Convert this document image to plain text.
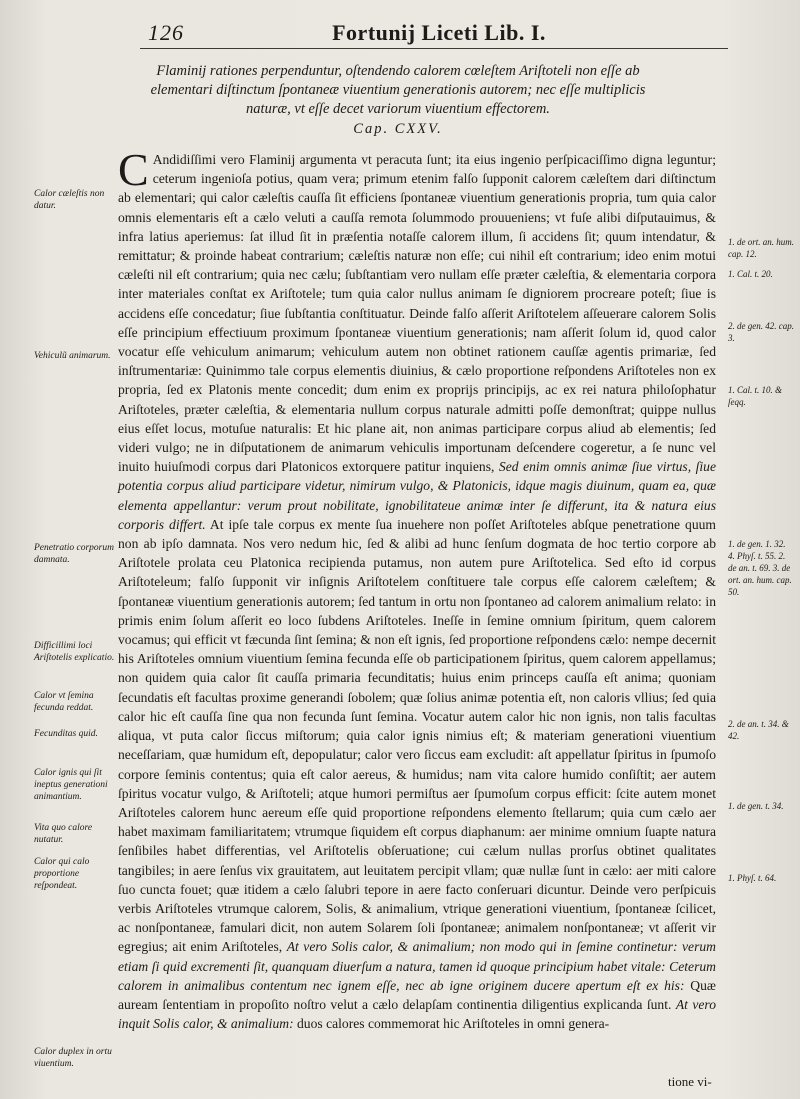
126	Fortunij Liceti Lib. I.
Flaminij rationes perpenduntur, oſtendendo calorem cœleſtem Ariſtoteli non eſſe ab elementari diſtinctum ſpontaneæ viuentium generationis autorem; nec eſſe multiplicis naturæ, vt eſſe decet variorum viuentium effectorem.
Cap. CXXV.

C Andidiſſimi vero Flaminij argumenta vt peracuta ſunt; ita eius ingenio perſpicaciſſimo digna leguntur; ceterum ingenioſa potius, quam vera; primum etenim falſo ſupponit calorem cæleſtem dari diſtinctum ab elementari; qui calor cæleſtis cauſſa ſit efficiens ſpontaneæ viuentium generationis propria, tum quia calor omnis elementaris eſt a cælo veluti a cauſſa remota ſolummodo prouueniens; vt fuſe alibi diſputauimus, & infra latius aperiemus: ſat illud ſit in præſentia notaſſe calorem illum, ſi accidens ſit; quum intendatur, & remittatur; & proinde habeat contrarium; cæleſtis naturæ non eſſe; cui nihil eſt contrarium; ideo enim motui cæleſti nil eſt contrarium; quia nec cælu; ſubſtantiam vero nullam eſſe præter cæleſtia, & elementaria corpora inter materiales conſtat ex Ariſtotele; tum quia calor nullus animam ſe digniorem procreare poteſt; ſiue is accidens eſſe concedatur; ſiue ſubſtantia conſtituatur. Deinde falſo aſſerit Ariſtotelem aſſeuerare calorem Solis eſſe principium effectiuum proximum ſpontaneæ viuentium generationis; nam aſſerit ſolum id, quod calor vocatur eſſe vehiculum animarum; vehiculum autem non obtinet rationem cauſſæ agentis primariæ, ſed inſtrumentariæ: Quinimmo tale corpus elementis diuinius, & cælo proportione reſpondens Ariſtoteles non ex propria, ſed ex Platonis mente concedit; dum enim ex proprijs principijs, ac ex rei natura philoſophatur Ariſtoteles, præter cæleſtia, & elementaria nullum corpus naturale admitti poſſe demonſtrat; quippe nullus eius eſſet locus, motuſue naturalis: Et hic plane ait, non animas participare corpus aliud ab elementis; ſed videri vulgo; ne in diſputationem de animarum vehiculis importunam deſcendere cogeretur, a ſe nunc vel inuito huiuſmodi corpus dari Platonicos extorquere patitur inquiens, Sed enim omnis animæ ſiue virtus, ſiue potentia corpus aliud participare videtur, nimirum vulgo, & Platonicis, idque magis diuinum, quam ea, quæ elementa appellantur: verum prout nobilitate, ignobilitateue animæ inter ſe differunt, ita & natura eius corporis differt. At ipſe tale corpus ex mente ſua inuehere non poſſet Ariſtoteles abſque penetratione quum non ab ipſo damnata. Nos vero nedum hic, ſed & alibi ad hunc ſenſum dogmata de hoc tertio corpore ab Ariſtotele prolata ceu Platonica recipienda putamus, non autem pure Ariſtotelica. Sed eſto id corpus Ariſtoteleum; falſo ſupponit vir inſignis Ariſtotelem conſtituere tale corpus eſſe calorem cæleſtem; & ſpontaneæ viuentium generationis autorem; ſed tantum in ortu non ſpontaneo ad calorem animalium relato: in primis enim ſolum aſſerit eo loco ſubdens Ariſtoteles. Ineſſe in ſemine omnium ſpiritum, quem calorem vocamus; qui efficit vt fæcunda ſint ſemina; & non eſt ignis, ſed proportione reſpondens cælo: nempe decernit his Ariſtoteles omnium viuentium ſemina fecunda eſſe ob participationem ſpiritus, quem calorem appellamus; non quidem quia calor ſit cauſſa primaria fecunditatis; huius enim princeps cauſſa eſt anima; quoniam ſecundatis eſt facultas proxime generandi ſobolem; quæ ſolius animæ potentia eſt, non caloris vllius; ſed quia calor hic eſt cauſſa ſine qua non fecunda ſunt ſemina. Vocatur autem calor hic non ignis, non talis facultas aliqua, vt puta calor ſiccus miſtorum; quia calor ignis nimius eſt; & materiam generationi viuentium neceſſariam, quæ humidum eſt, depopulatur; calor vero ſiccus eam excludit: aſt appellatur ſpiritus in ſpumoſo corpore ſeminis contentus; quia eſt calor aereus, & humidus; nam vita calore humido conſiſtit; aer autem ſpiritus vocatur vulgo, & Ariſtoteli; atque humori permiſtus aer ſpumoſum corpus efficit: ſcite autem monet Ariſtoteles calorem hunc aereum eſſe quid proportione reſpondens elemento ſtellarum; quia cum cælo aer habet maximam familiaritatem; vtrumque ſiquidem eſt corpus diaphanum: aer minime omnium ſuapte natura ſenſibiles habet differentias, vel Ariſtotelis obſeruatione; cui cælum nullas prorſus obtinet qualitates tangibiles; in aere ſenſus vix grauitatem, aut leuitatem percipit vllam; quæ nullæ ſunt in cælo: aer miti calore ſuo cuncta fouet; quæ itidem a cælo ſalubri tepore in aere facto conſeruari dicuntur. Deinde vero perſpicuis verbis Ariſtoteles vtrumque calorem, Solis, & animalium, vtrique generationi viuentium, ſpontaneæ ſcilicet, ac nonſpontaneæ, famulari dicit, non autem Solarem ſoli ſpontaneæ; animalem nonſpontaneæ; vt aſſerit vir egregius; ait enim Ariſtoteles, At vero Solis calor, & animalium; non modo qui in ſemine continetur: verum etiam ſi quid excrementi ſit, quanquam diuerſum a natura, tamen id quoque principium habet vitale: Ceterum calorem in animalibus contentum nec ignem eſſe, nec ab igne originem ducere apertum eſt ex his: Quæ auream ſententiam in propoſito noſtro velut a cælo delapſam continentia diligentius explicanda ſunt. At vero inquit Solis calor, & animalium: duos calores commemorat hic Ariſtoteles in omni genera-

tione vi-
Calor cæleſtis non datur.
Vehiculũ animarum.
Penetratio corporum damnata.
Difficillimi loci Ariſtotelis explicatio.
Calor vt ſemina fecunda reddat.
Fecunditas quid.
Calor ignis qui ſit ineptus generationi animantium.
Vita quo calore nutatur.
Calor qui calo proportione reſpondeat.
Calor duplex in ortu viuentium.
1. de ort. an. hum. cap. 12.
1. Cal. t. 20.
2. de gen. 42. cap. 3.
1. Cal. t. 10. & ſeqq.
1. de gen. 1. 32. 4. Phyſ. t. 55. 2. de an. t. 69. 3. de ort. an. hum. cap. 50.
2. de an. t. 34. & 42.
1. de gen. t. 34.
1. Phyſ. t. 64.
